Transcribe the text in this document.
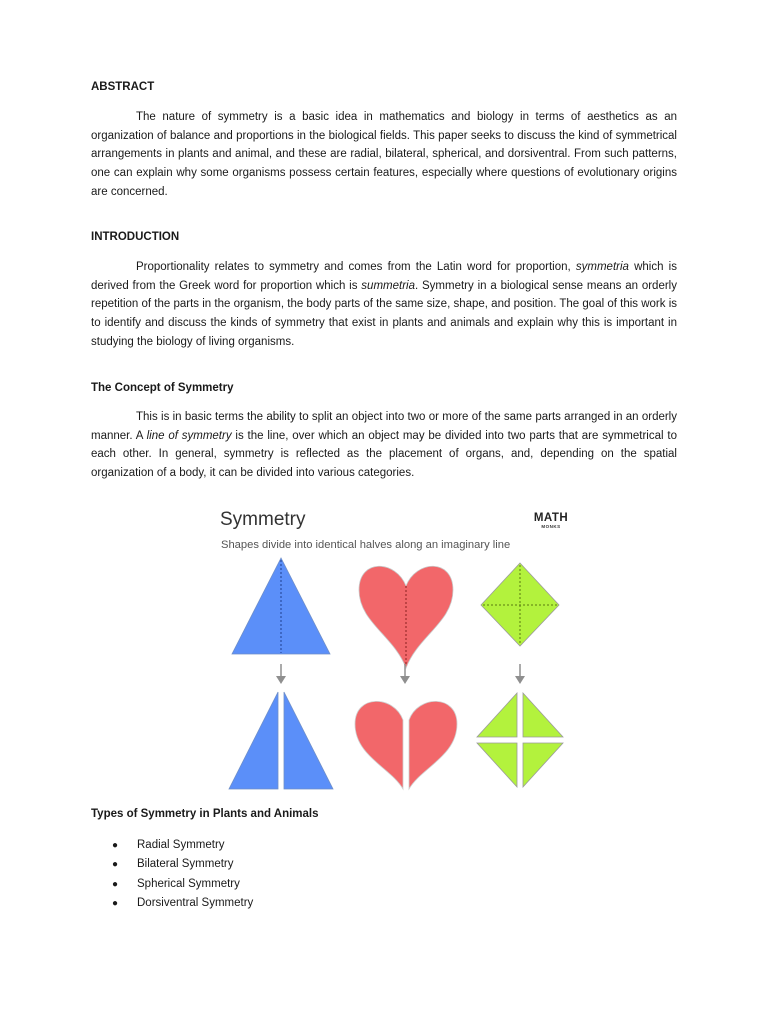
ABSTRACT

The nature of symmetry is a basic idea in mathematics and biology in terms of aesthetics as an organization of balance and proportions in the biological fields. This paper seeks to discuss the kind of symmetrical arrangements in plants and animal, and these are radial, bilateral, spherical, and dorsiventral. From such patterns, one can explain why some organisms possess certain features, especially where questions of evolutionary origins are concerned.

INTRODUCTION

Proportionality relates to symmetry and comes from the Latin word for proportion, symmetria which is derived from the Greek word for proportion which is summetria. Symmetry in a biological sense means an orderly repetition of the parts in the organism, the body parts of the same size, shape, and position. The goal of this work is to identify and discuss the kinds of symmetry that exist in plants and animals and explain why this is important in studying the biology of living organisms.

The Concept of Symmetry

This is in basic terms the ability to split an object into two or more of the same parts arranged in an orderly manner. A line of symmetry is the line, over which an object may be divided into two parts that are symmetrical to each other. In general, symmetry is reflected as the placement of organs, and, depending on the spatial organization of a body, it can be divided into various categories.

Symmetry

Shapes divide into identical halves along an imaginary line

MATH
MONKS

Types of Symmetry in Plants and Animals

● Radial Symmetry
● Bilateral Symmetry
● Spherical Symmetry
● Dorsiventral Symmetry
